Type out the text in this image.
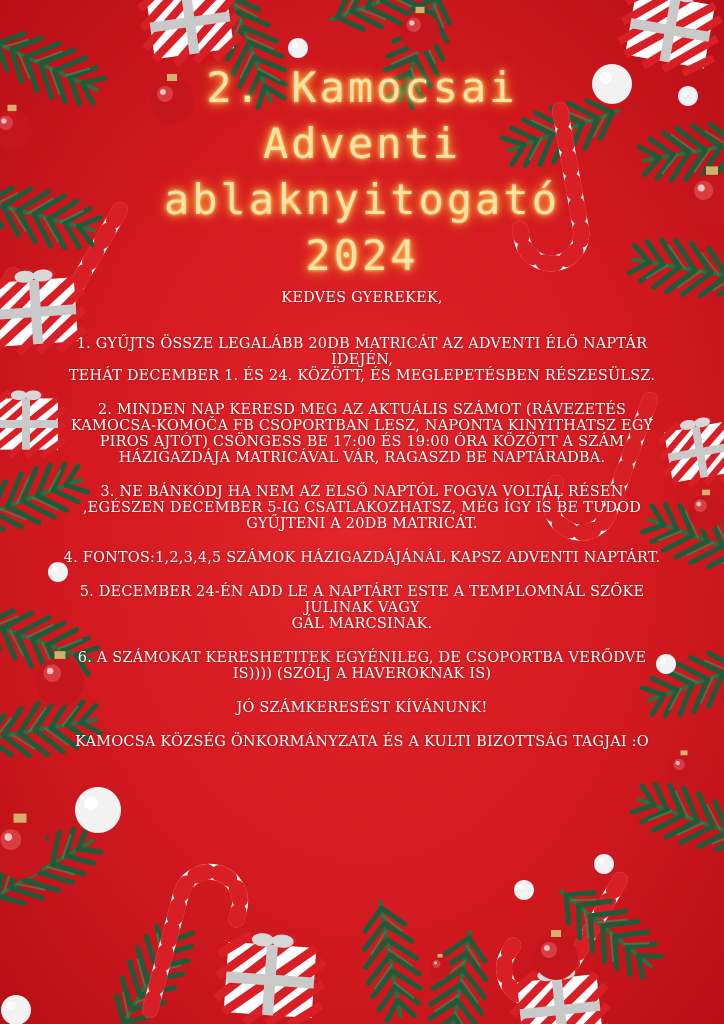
2. Kamocsai
Adventi
ablaknyitogató
2024

KEDVES GYEREKEK,

1. GYŰJTS ÖSSZE LEGALÁBB 20DB MATRICÁT AZ ADVENTI ÉLŐ NAPTÁR IDEJÉN,

TEHÁT DECEMBER 1. ÉS 24. KÖZÖTT, ÉS MEGLEPETÉSBEN RÉSZESÜLSZ.

2. MINDEN NAP KERESD MEG AZ AKTUÁLIS SZÁMOT (RÁVEZETÉS KAMOCSA-KOMOČA FB CSOPORTBAN LESZ, NAPONTA KINYITHATSZ EGY PIROS AJTÓT) CSÖNGESS BE 17:00 ÉS 19:00 ÓRA KÖZÖTT A SZÁM HÁZIGAZDÁJA MATRICÁVAL VÁR, RAGASZD BE NAPTÁRADBA.

3. NE BÁNKÓDJ HA NEM AZ ELSŐ NAPTÓL FOGVA VOLTÁL RÉSEN ,EGÉSZEN DECEMBER 5-IG CSATLAKOZHATSZ, MÉG ÍGY IS BE TUDOD GYŰJTENI A 20DB MATRICÁT.

4. FONTOS:1,2,3,4,5 SZÁMOK HÁZIGAZDÁJÁNÁL KAPSZ ADVENTI NAPTÁRT.

5. DECEMBER 24-ÉN ADD LE A NAPTÁRT ESTE A TEMPLOMNÁL SZŐKE JULINAK VAGY

GÁL MARCSINAK.

6. A SZÁMOKAT KERESHETITEK EGYÉNILEG, DE CSOPORTBA VERŐDVE IS)))) (SZÓLJ A HAVEROKNAK IS)

JÓ SZÁMKERESÉST KÍVÁNUNK!

KAMOCSA KÖZSÉG ÖNKORMÁNYZATA ÉS A KULTI BIZOTTSÁG TAGJAI :O
